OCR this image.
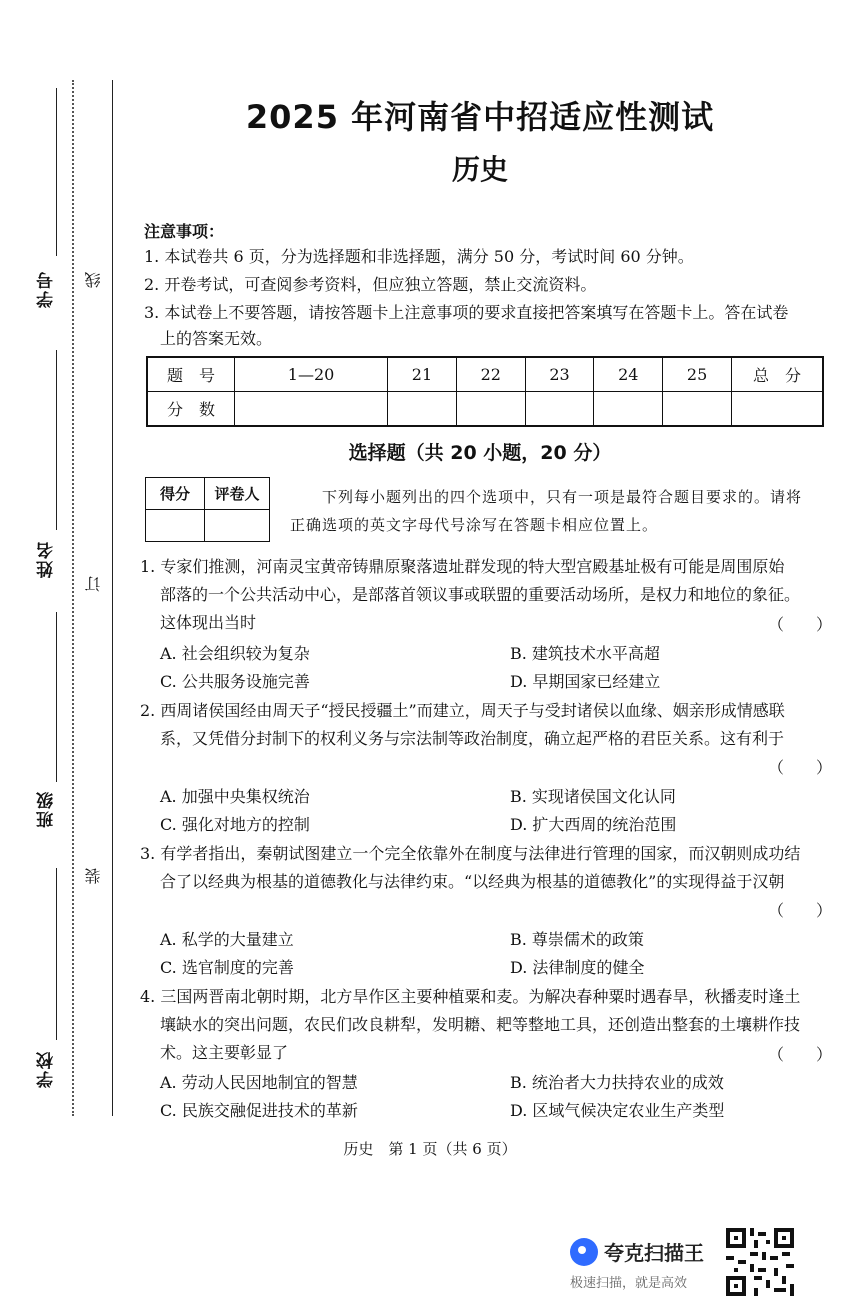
学号
姓名
班级
学校
线
订
装
2025 年河南省中招适应性测试
历史
注意事项：
1. 本试卷共 6 页，分为选择题和非选择题，满分 50 分，考试时间 60 分钟。
2. 开卷考试，可查阅参考资料，但应独立答题，禁止交流资料。
3. 本试卷上不要答题，请按答题卡上注意事项的要求直接把答案填写在答题卡上。答在试卷
上的答案无效。
题　号	1—20	21	22	23	24	25	总　分
分　数							
选择题（共 20 小题，20 分）
得分	评卷人
		下列每小题列出的四个选项中，只有一项是最符合题目要求的。请将
正确选项的英文字母代号涂写在答题卡相应位置上。
1. 专家们推测，河南灵宝黄帝铸鼎原聚落遗址群发现的特大型宫殿基址极有可能是周围原始
部落的一个公共活动中心，是部落首领议事或联盟的重要活动场所，是权力和地位的象征。
这体现出当时	（　　）
A. 社会组织较为复杂	B. 建筑技术水平高超
C. 公共服务设施完善	D. 早期国家已经建立
2. 西周诸侯国经由周天子“授民授疆土”而建立，周天子与受封诸侯以血缘、姻亲形成情感联
系，又凭借分封制下的权利义务与宗法制等政治制度，确立起严格的君臣关系。这有利于
（　　）
A. 加强中央集权统治	B. 实现诸侯国文化认同
C. 强化对地方的控制	D. 扩大西周的统治范围
3. 有学者指出，秦朝试图建立一个完全依靠外在制度与法律进行管理的国家，而汉朝则成功结
合了以经典为根基的道德教化与法律约束。“以经典为根基的道德教化”的实现得益于汉朝
（　　）
A. 私学的大量建立	B. 尊崇儒术的政策
C. 选官制度的完善	D. 法律制度的健全
4. 三国两晋南北朝时期，北方旱作区主要种植粟和麦。为解决春种粟时遇春旱，秋播麦时逢土
壤缺水的突出问题，农民们改良耕犁，发明耱、耙等整地工具，还创造出整套的土壤耕作技
术。这主要彰显了	（　　）
A. 劳动人民因地制宜的智慧	B. 统治者大力扶持农业的成效
C. 民族交融促进技术的革新	D. 区域气候决定农业生产类型
历史　第 1 页（共 6 页）
夸克扫描王
极速扫描，就是高效
